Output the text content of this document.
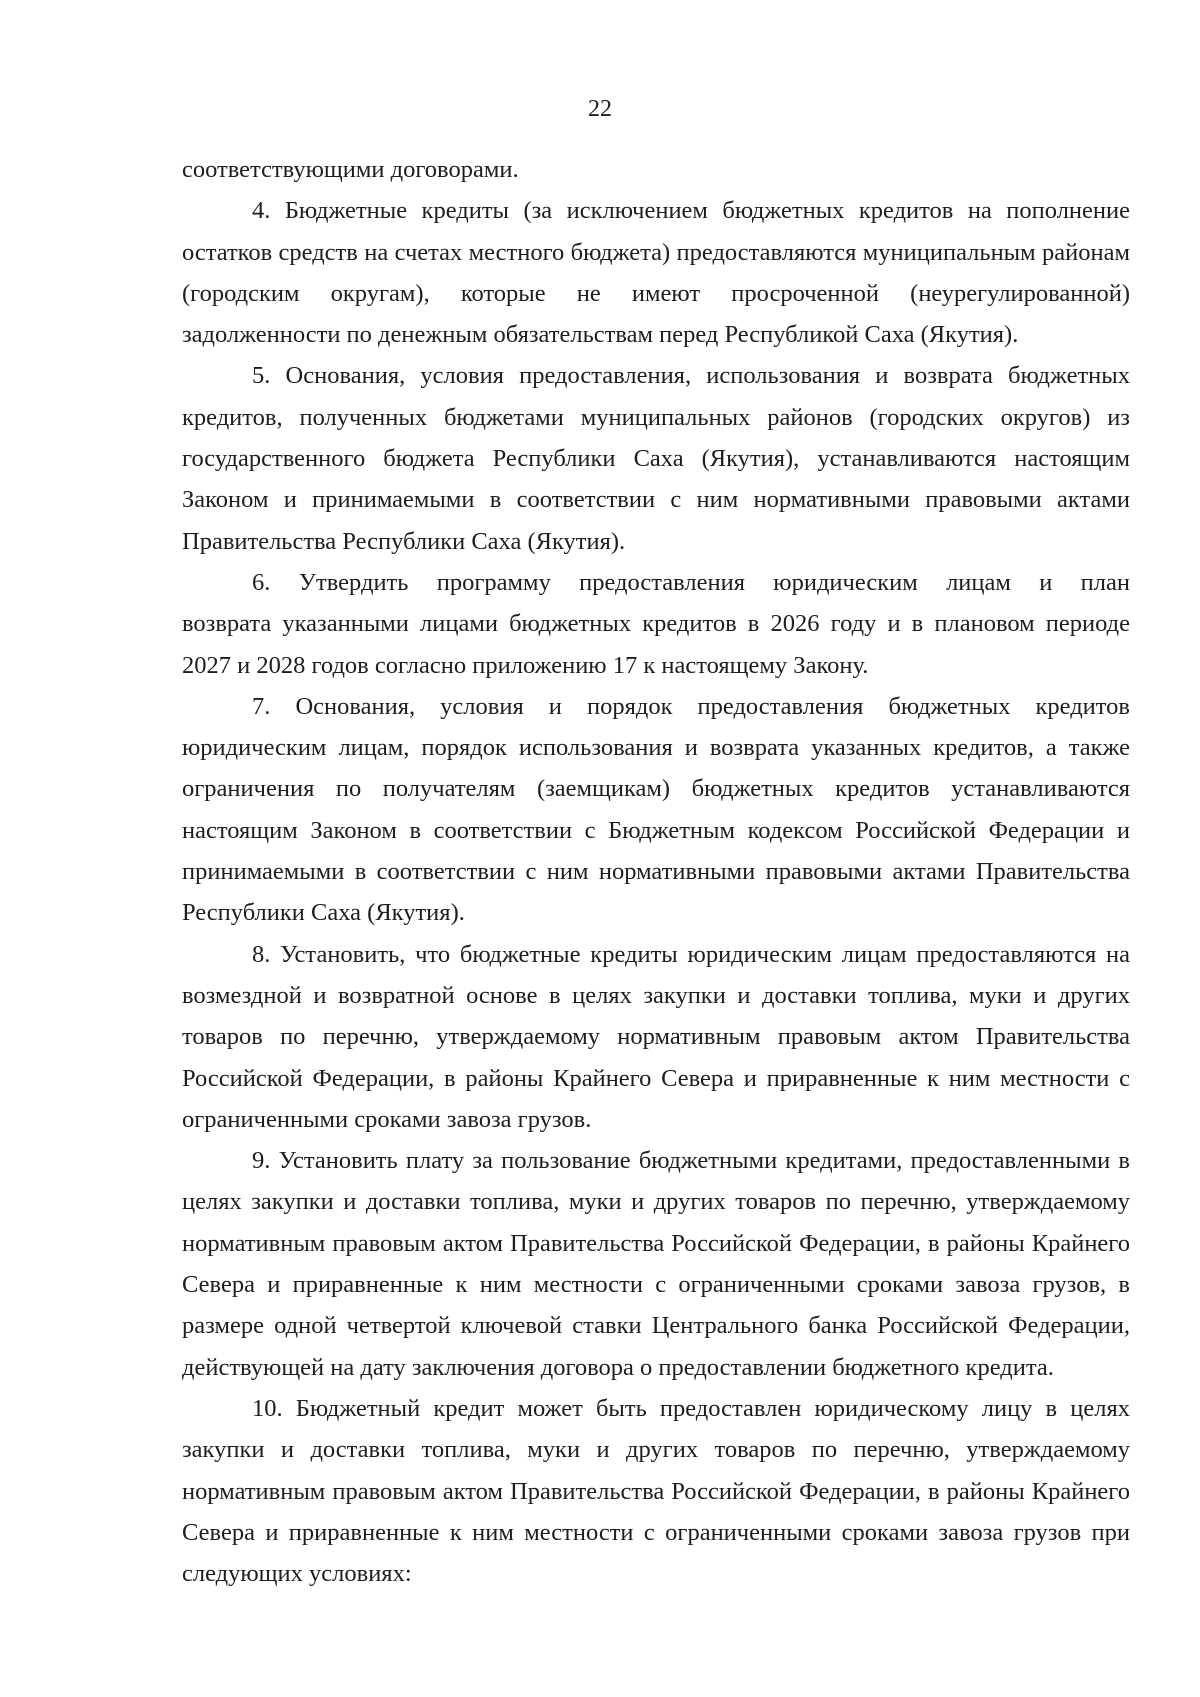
22
соответствующими договорами.
4. Бюджетные кредиты (за исключением бюджетных кредитов на пополнение
остатков средств на счетах местного бюджета) предоставляются муниципальным районам
(городским округам), которые не имеют просроченной (неурегулированной)
задолженности по денежным обязательствам перед Республикой Саха (Якутия).
5. Основания, условия предоставления, использования и возврата бюджетных
кредитов, полученных бюджетами муниципальных районов (городских округов) из
государственного бюджета Республики Саха (Якутия), устанавливаются настоящим
Законом и принимаемыми в соответствии с ним нормативными правовыми актами
Правительства Республики Саха (Якутия).
6. Утвердить программу предоставления юридическим лицам и план
возврата указанными лицами бюджетных кредитов в 2026 году и в плановом периоде
2027 и 2028 годов согласно приложению 17 к настоящему Закону.
7. Основания, условия и порядок предоставления бюджетных кредитов
юридическим лицам, порядок использования и возврата указанных кредитов, а также
ограничения по получателям (заемщикам) бюджетных кредитов устанавливаются
настоящим Законом в соответствии с Бюджетным кодексом Российской Федерации и
принимаемыми в соответствии с ним нормативными правовыми актами Правительства
Республики Саха (Якутия).
8. Установить, что бюджетные кредиты юридическим лицам предоставляются на
возмездной и возвратной основе в целях закупки и доставки топлива, муки и других
товаров по перечню, утверждаемому нормативным правовым актом Правительства
Российской Федерации, в районы Крайнего Севера и приравненные к ним местности с
ограниченными сроками завоза грузов.
9. Установить плату за пользование бюджетными кредитами, предоставленными в
целях закупки и доставки топлива, муки и других товаров по перечню, утверждаемому
нормативным правовым актом Правительства Российской Федерации, в районы Крайнего
Севера и приравненные к ним местности с ограниченными сроками завоза грузов, в
размере одной четвертой ключевой ставки Центрального банка Российской Федерации,
действующей на дату заключения договора о предоставлении бюджетного кредита.
10. Бюджетный кредит может быть предоставлен юридическому лицу в целях
закупки и доставки топлива, муки и других товаров по перечню, утверждаемому
нормативным правовым актом Правительства Российской Федерации, в районы Крайнего
Севера и приравненные к ним местности с ограниченными сроками завоза грузов при
следующих условиях:
